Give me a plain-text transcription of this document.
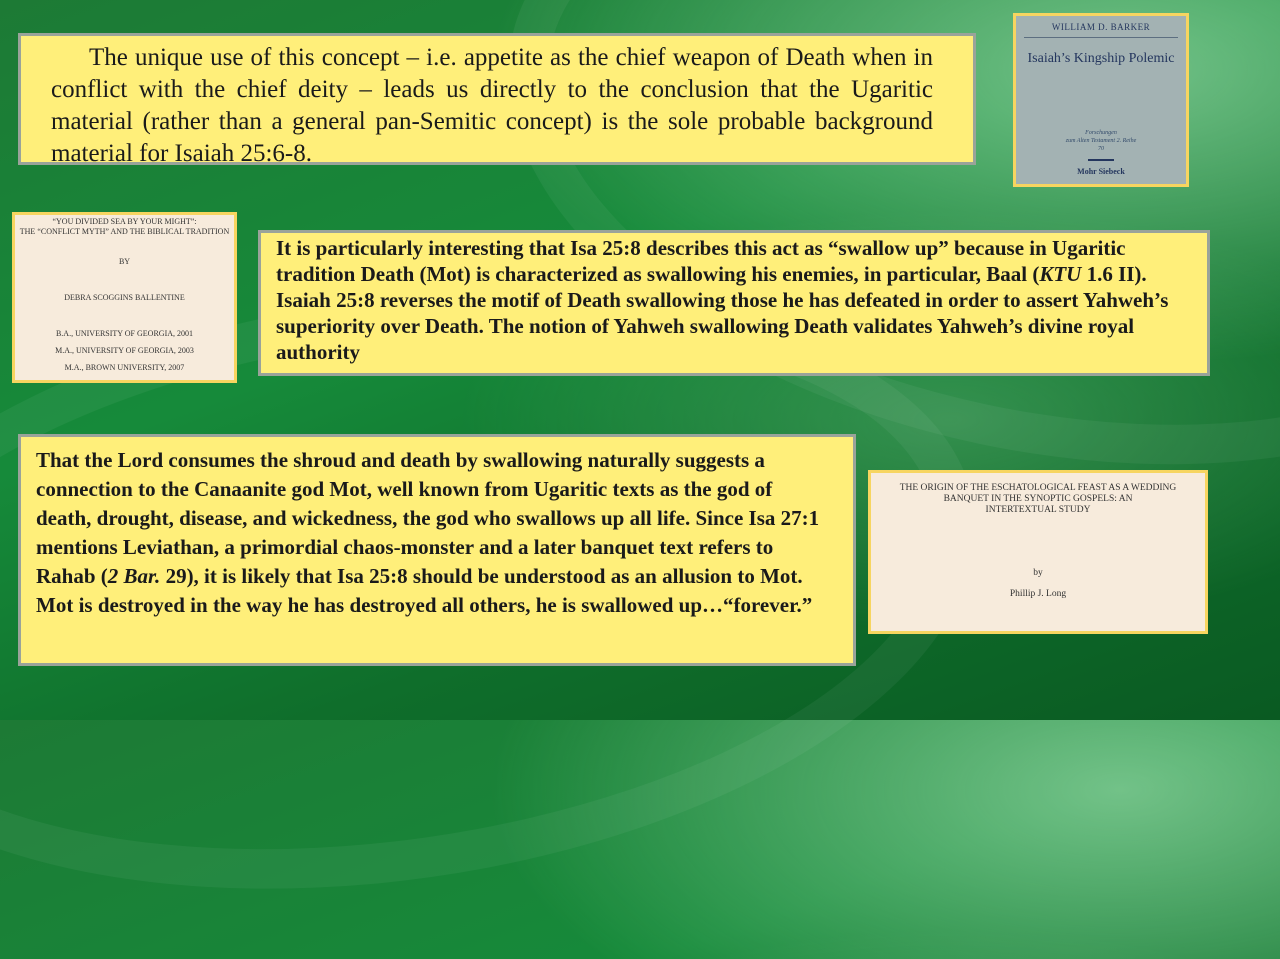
The unique use of this concept – i.e. appetite as the chief weapon of Death when in conflict with the chief deity – leads us directly to the conclusion that the Ugaritic material (rather than a general pan-Semitic concept) is the sole probable background material for Isaiah 25:6-8.
WILLIAM D. BARKER
Isaiah’s Kingship Polemic
Forschungen
zum Alten Testament 2. Reihe
70
Mohr Siebeck

“YOU DIVIDED SEA BY YOUR MIGHT”:

THE “CONFLICT MYTH” AND THE BIBLICAL TRADITION

BY

DEBRA SCOGGINS BALLENTINE

B.A., UNIVERSITY OF GEORGIA, 2001

M.A., UNIVERSITY OF GEORGIA, 2003

M.A., BROWN UNIVERSITY, 2007

It is particularly interesting that Isa 25:8 describes this act as “swallow up” because in Ugaritic tradition Death (Mot) is characterized as swallowing his enemies, in particular, Baal (KTU 1.6 II). Isaiah 25:8 reverses the motif of Death swallowing those he has defeated in order to assert Yahweh’s superiority over Death. The notion of Yahweh swallowing Death validates Yahweh’s divine royal authority
That the Lord consumes the shroud and death by swallowing naturally suggests a connection to the Canaanite god Mot, well known from Ugaritic texts as the god of death, drought, disease, and wickedness, the god who swallows up all life. Since Isa 27:1 mentions Leviathan, a primordial chaos-monster and a later banquet text refers to Rahab (2 Bar. 29), it is likely that Isa 25:8 should be understood as an allusion to Mot. Mot is destroyed in the way he has destroyed all others, he is swallowed up…“forever.”

THE ORIGIN OF THE ESCHATOLOGICAL FEAST AS A WEDDING

BANQUET IN THE SYNOPTIC GOSPELS: AN

INTERTEXTUAL STUDY

by

Phillip J. Long
